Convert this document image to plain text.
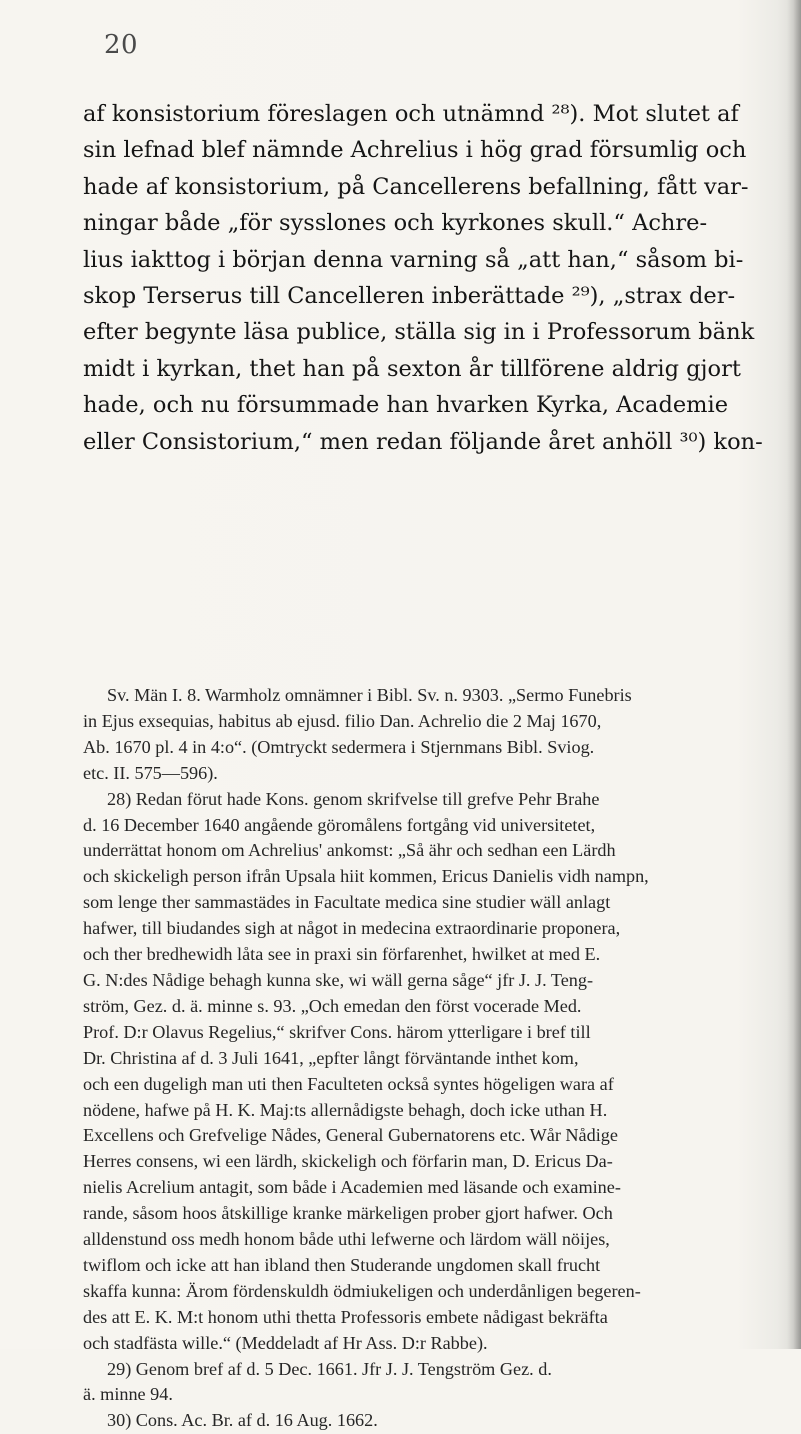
20
af konsistorium föreslagen och utnämnd ²⁸). Mot slutet af
sin lefnad blef nämnde Achrelius i hög grad försumlig och
hade af konsistorium, på Cancellerens befallning, fått var-
ningar både „för sysslones och kyrkones skull.“ Achre-
lius iakttog i början denna varning så „att han,“ såsom bi-
skop Terserus till Cancelleren inberättade ²⁹), „strax der-
efter begynte läsa publice, ställa sig in i Professorum bänk
midt i kyrkan, thet han på sexton år tillförene aldrig gjort
hade, och nu försummade han hvarken Kyrka, Academie
eller Consistorium,“ men redan följande året anhöll ³⁰) kon-
Sv. Män I. 8. Warmholz omnämner i Bibl. Sv. n. 9303. „Sermo Funebris
in Ejus exsequias, habitus ab ejusd. filio Dan. Achrelio die 2 Maj 1670,
Ab. 1670 pl. 4 in 4:o“. (Omtryckt sedermera i Stjernmans Bibl. Sviog.
etc. II. 575—596).
28) Redan förut hade Kons. genom skrifvelse till grefve Pehr Brahe
d. 16 December 1640 angående göromålens fortgång vid universitetet,
underrättat honom om Achrelius' ankomst: „Så ähr och sedhan een Lärdh
och skickeligh person ifrån Upsala hiit kommen, Ericus Danielis vidh nampn,
som lenge ther sammastädes in Facultate medica sine studier wäll anlagt
hafwer, till biudandes sigh at något in medecina extraordinarie proponera,
och ther bredhewidh låta see in praxi sin förfarenhet, hwilket at med E.
G. N:des Nådige behagh kunna ske, wi wäll gerna såge“ jfr J. J. Teng-
ström, Gez. d. ä. minne s. 93. „Och emedan den först vocerade Med.
Prof. D:r Olavus Regelius,“ skrifver Cons. härom ytterligare i bref till
Dr. Christina af d. 3 Juli 1641, „epfter långt förväntande inthet kom,
och een dugeligh man uti then Faculteten också syntes högeligen wara af
nödene, hafwe på H. K. Maj:ts allernådigste behagh, doch icke uthan H.
Excellens och Grefvelige Nådes, General Gubernatorens etc. Wår Nådige
Herres consens, wi een lärdh, skickeligh och förfarin man, D. Ericus Da-
nielis Acrelium antagit, som både i Academien med läsande och examine-
rande, såsom hoos åtskillige kranke märkeligen prober gjort hafwer. Och
alldenstund oss medh honom både uthi lefwerne och lärdom wäll nöijes,
twiflom och icke att han ibland then Studerande ungdomen skall frucht
skaffa kunna: Ärom fördenskuldh ödmiukeligen och underdånligen begeren-
des att E. K. M:t honom uthi thetta Professoris embete nådigast bekräfta
och stadfästa wille.“ (Meddeladt af Hr Ass. D:r Rabbe).
29) Genom bref af d. 5 Dec. 1661. Jfr J. J. Tengström Gez. d.
ä. minne 94.
30) Cons. Ac. Br. af d. 16 Aug. 1662.
